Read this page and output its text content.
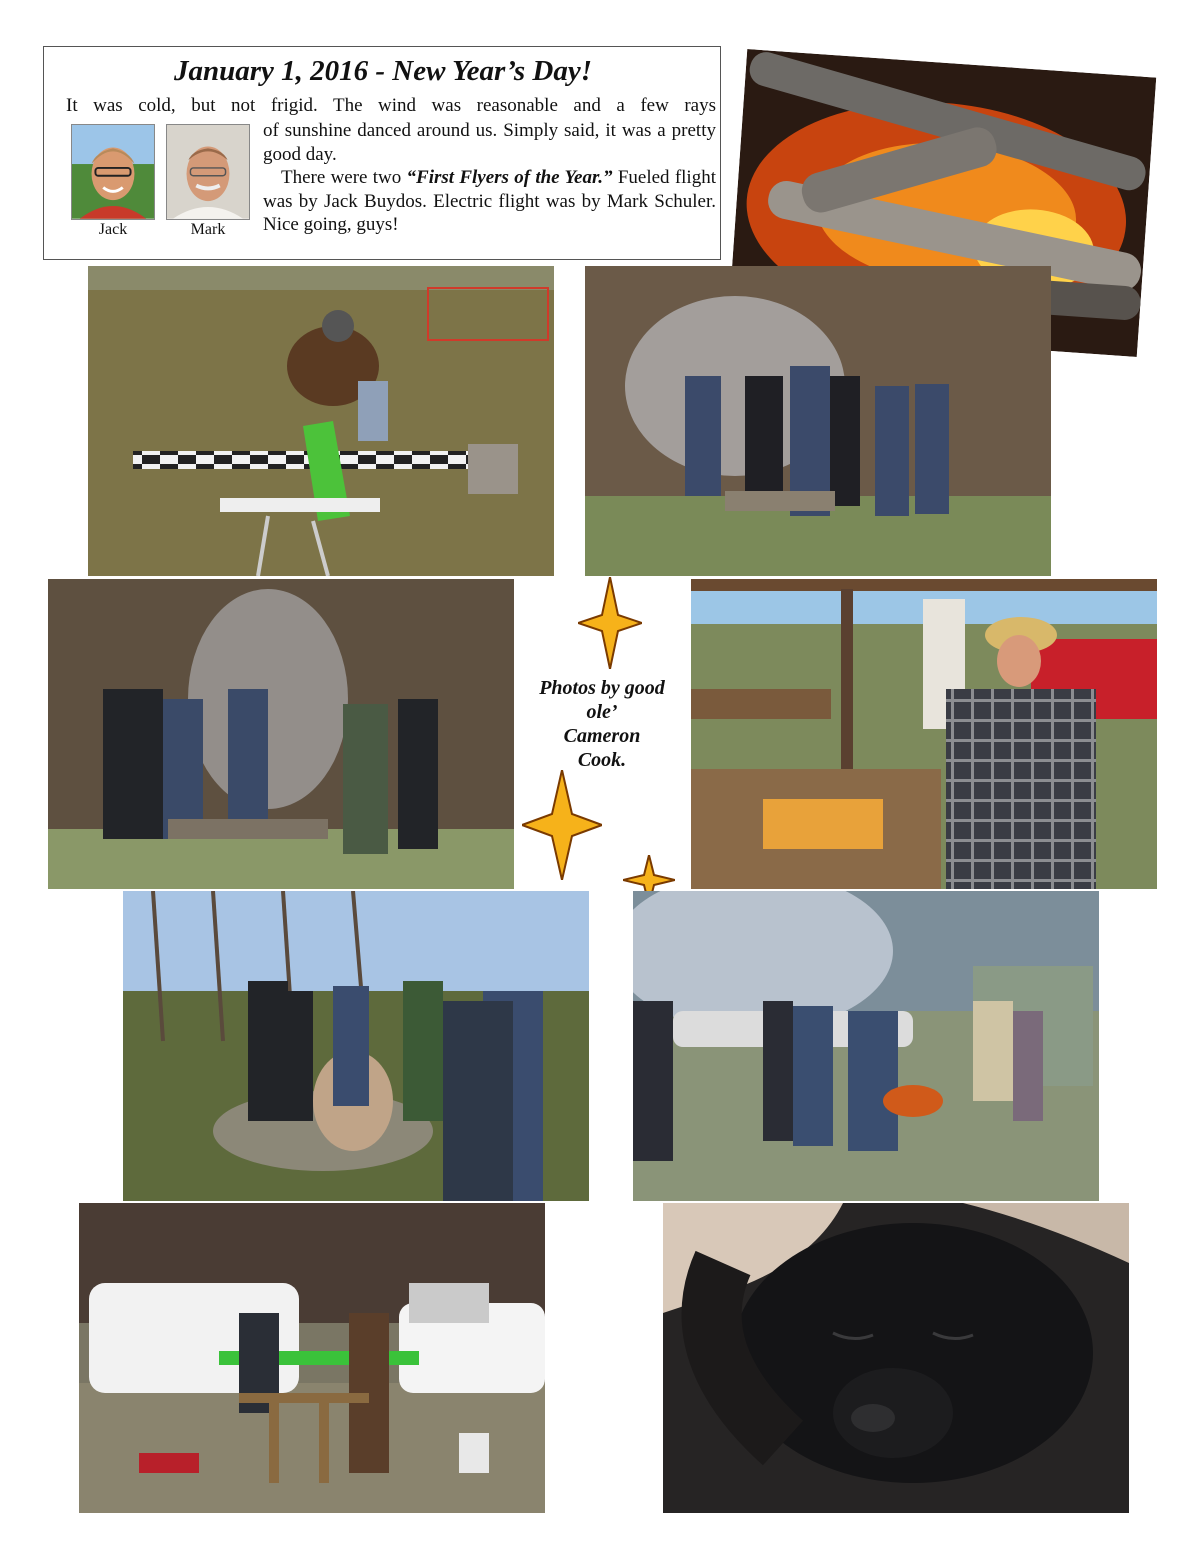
January 1, 2016 - New Year’s Day!
It was cold, but not frigid. The wind was reasonable and a few rays
Jack	Mark

of sunshine danced around us. Simply said, it was a pretty good day.

There were two “First Flyers of the Year.” Fueled flight was by Jack Buydos. Electric flight was by Mark Schuler. Nice going, guys!

Photos by good
ole’
Cameron
Cook.
